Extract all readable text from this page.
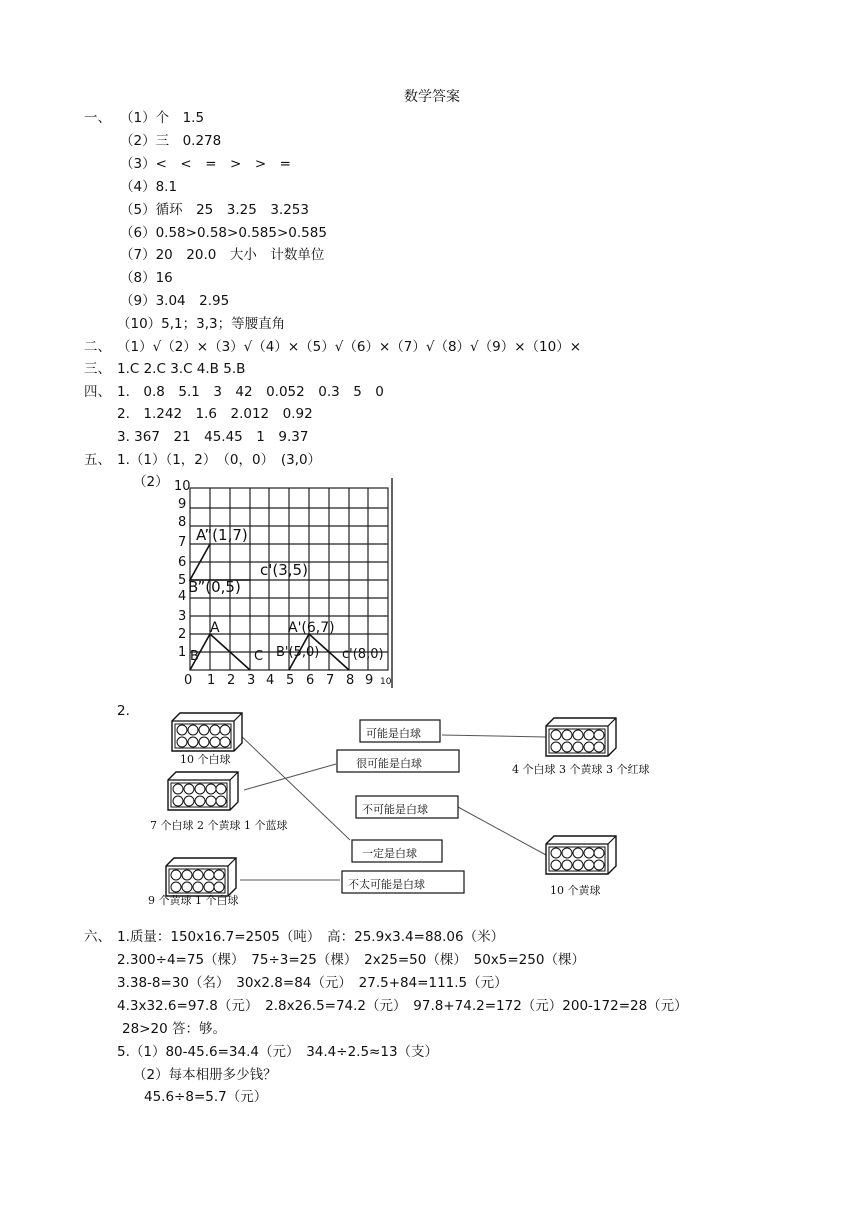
数学答案
一、 （1）个　1.5
（2）三　0.278
（3）<　<　=　>　>　=
（4）8.1
（5）循环　25　3.25　3.253
（6）0.58>0.58>0.585>0.585
（7）20　20.0　大小　计数单位
（8）16
（9）3.04　2.95
（10）5,1；3,3；等腰直角
二、 （1）√（2）×（3）√（4）×（5）√（6）×（7）√（8）√（9）×（10）×
三、 1.C 2.C 3.C 4.B 5.B
四、 1.　0.8　5.1　3　42　0.052　0.3　5　0
2.　1.242　1.6　2.012　0.92
3. 367　21　45.45　1　9.37
五、 1.（1）（1，2）　（0，0）　(3,0）
（2） 10
9
8
7
6
5
4
3
2
1
0 1 2 3 4 5 6 7 8 9 10
A”(1,7)
c'(3,5)
B”(0,5)
A	A'(6,7)
B	C B'(5,0) c'(8,0)
2.
10 个白球
7 个白球 2 个黄球 1 个蓝球
9 个黄球 1 个白球
4 个白球 3 个黄球 3 个红球
10 个黄球
可能是白球
很可能是白球
不可能是白球
一定是白球
不太可能是白球
六、 1.质量：150x16.7=2505（吨）　高：25.9x3.4=88.06（米）
2.300÷4=75（棵）　75÷3=25（棵）　2x25=50（棵）　50x5=250（棵）
3.38-8=30（名）　30x2.8=84（元）　27.5+84=111.5（元）
4.3x32.6=97.8（元）　2.8x26.5=74.2（元）　97.8+74.2=172（元）200-172=28（元）
28>20 答：够。
5.（1）80-45.6=34.4（元）　34.4÷2.5≈13（支）
（2）每本相册多少钱？
45.6÷8=5.7（元）
